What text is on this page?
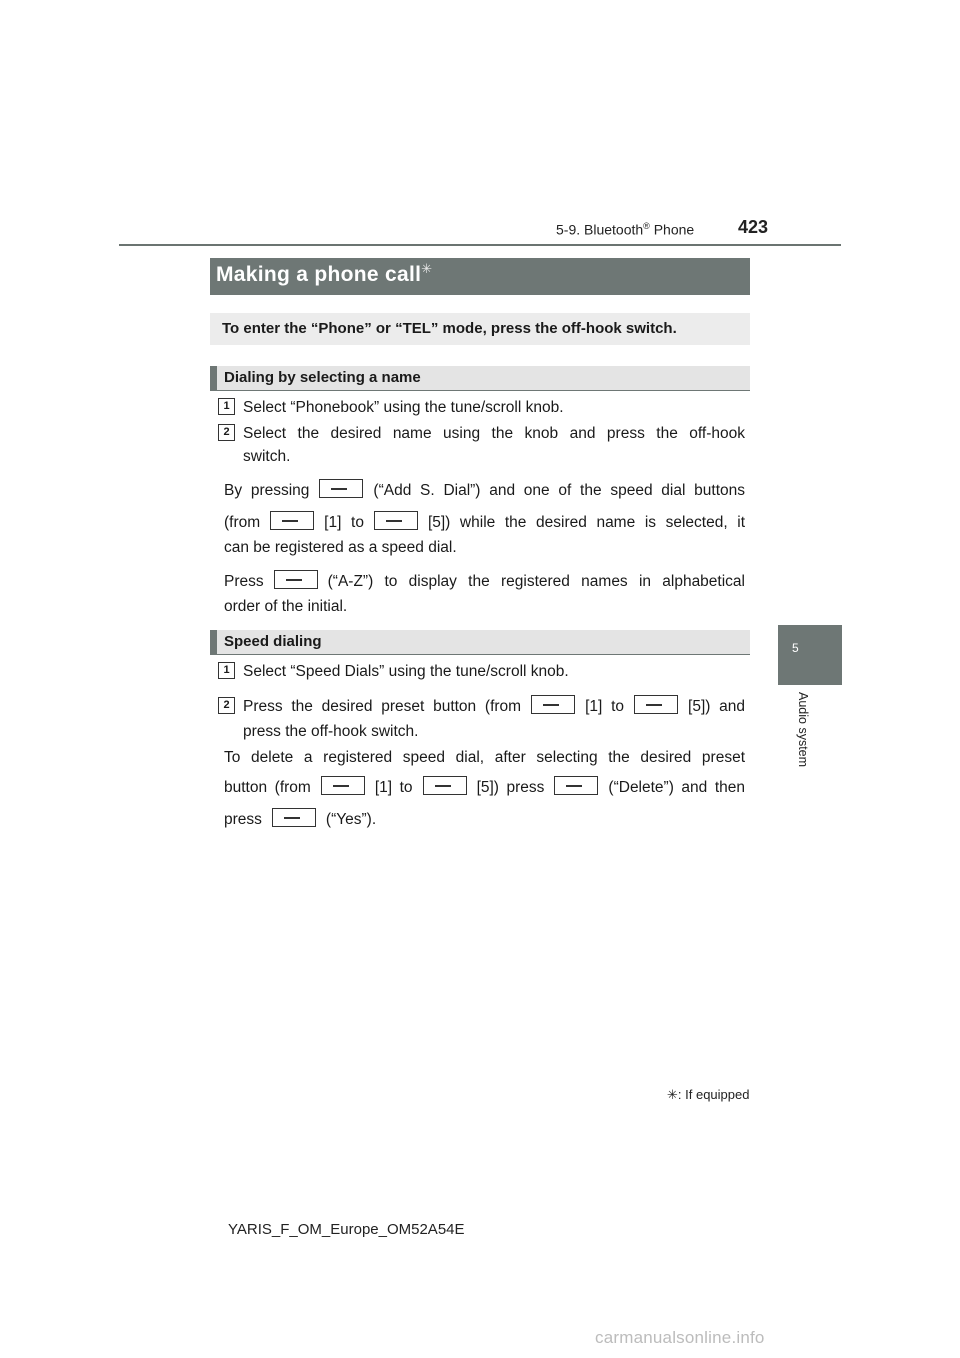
5-9. Bluetooth® Phone 423
Making a phone call✳
To enter the “Phone” or “TEL” mode, press the off-hook switch.
Dialing by selecting a name
1 Select “Phonebook” using the tune/scroll knob.
2 Select the desired name using the knob and press the off-hook
switch.
By pressing	(“Add S. Dial”) and one of the speed dial buttons
(from	[1] to	[5]) while the desired name is selected, it
can be registered as a speed dial.
Press	(“A-Z”) to display the registered names in alphabetical
order of the initial.
Speed dialing
1 Select “Speed Dials” using the tune/scroll knob.
2 Press the desired preset button (from	[1] to	[5]) and
press the off-hook switch.
To delete a registered speed dial, after selecting the desired preset
button (from	[1] to	[5]) press	(“Delete”) and then
press	(“Yes”).
5
Audio system
✳: If equipped
YARIS_F_OM_Europe_OM52A54E
carmanualsonline.info
